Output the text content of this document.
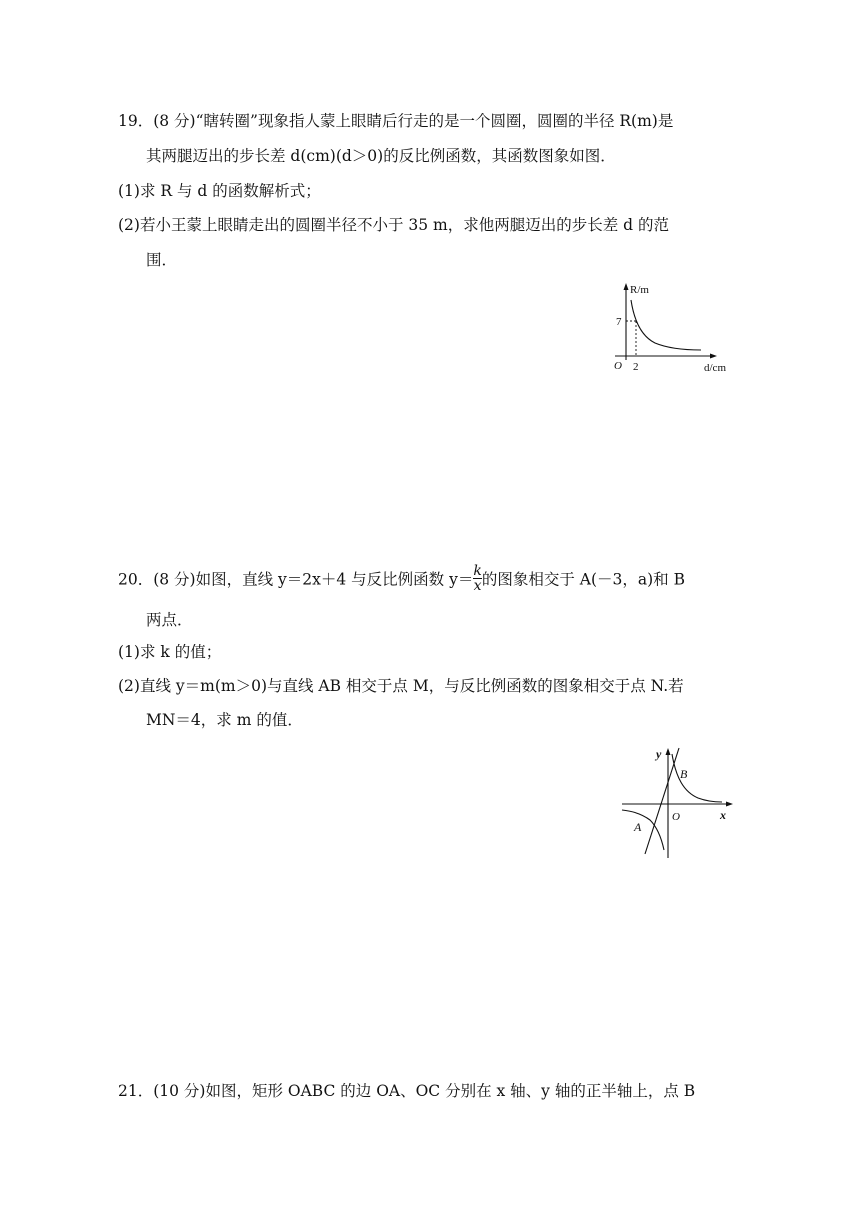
19．(8 分)“瞎转圈”现象指人蒙上眼睛后行走的是一个圆圈，圆圈的半径 R(m)是
其两腿迈出的步长差 d(cm)(d＞0)的反比例函数，其函数图象如图．
(1)求 R 与 d 的函数解析式；
(2)若小王蒙上眼睛走出的圆圈半径不小于 35 m，求他两腿迈出的步长差 d 的范
围．
R/m
7
O 2	d/cm
20．(8 分)如图，直线 y＝2x＋4 与反比例函数 $y= \frac{k}{x}$ 的图象相交于 A(－3，a)和 B
两点．
(1)求 k 的值；
(2)直线 y＝m(m＞0)与直线 AB 相交于点 M，与反比例函数的图象相交于点 N.若
MN＝4，求 m 的值．
y
B
O	x
A
21．(10 分)如图，矩形 OABC 的边 OA、OC 分别在 x 轴、y 轴的正半轴上，点 B
